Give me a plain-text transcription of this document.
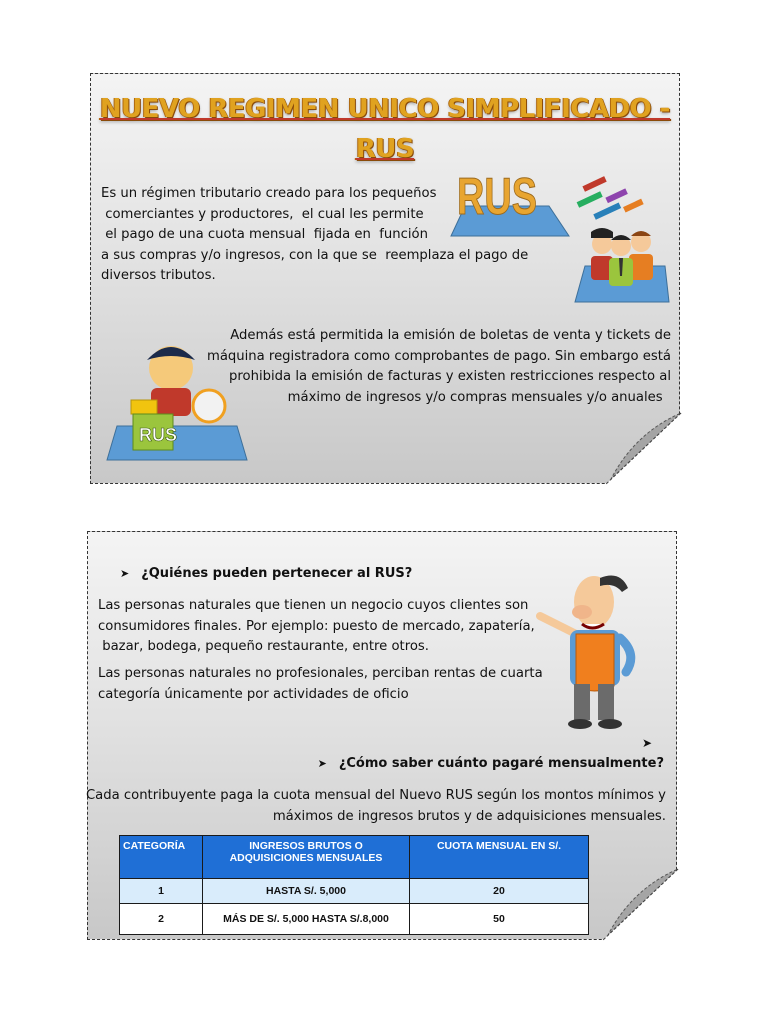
NUEVO REGIMEN UNICO SIMPLIFICADO -
RUS
RUS
Es un régimen tributario creado para los pequeños
comerciantes y productores,  el cual les permite
el pago de una cuota mensual  fijada en  función
a sus compras y/o ingresos, con la que se  reemplaza el pago de
diversos tributos.
RUS
Además está permitida la emisión de boletas de venta y tickets de
máquina registradora como comprobantes de pago. Sin embargo está
prohibida la emisión de facturas y existen restricciones respecto al
máximo de ingresos y/o compras mensuales y/o anuales
➤ ¿Quiénes pueden pertenecer al RUS?
Las personas naturales que tienen un negocio cuyos clientes son
consumidores finales. Por ejemplo: puesto de mercado, zapatería,
bazar, bodega, pequeño restaurante, entre otros.
Las personas naturales no profesionales, perciban rentas de cuarta
categoría únicamente por actividades de oficio
➤
➤ ¿Cómo saber cuánto pagaré mensualmente?
Cada contribuyente paga la cuota mensual del Nuevo RUS según los montos mínimos y
máximos de ingresos brutos y de adquisiciones mensuales.
CATEGORÍA	INGRESOS BRUTOS O ADQUISICIONES MENSUALES	CUOTA MENSUAL EN S/.
1	HASTA S/. 5,000	20
2	MÁS DE S/. 5,000 HASTA S/.8,000	50
